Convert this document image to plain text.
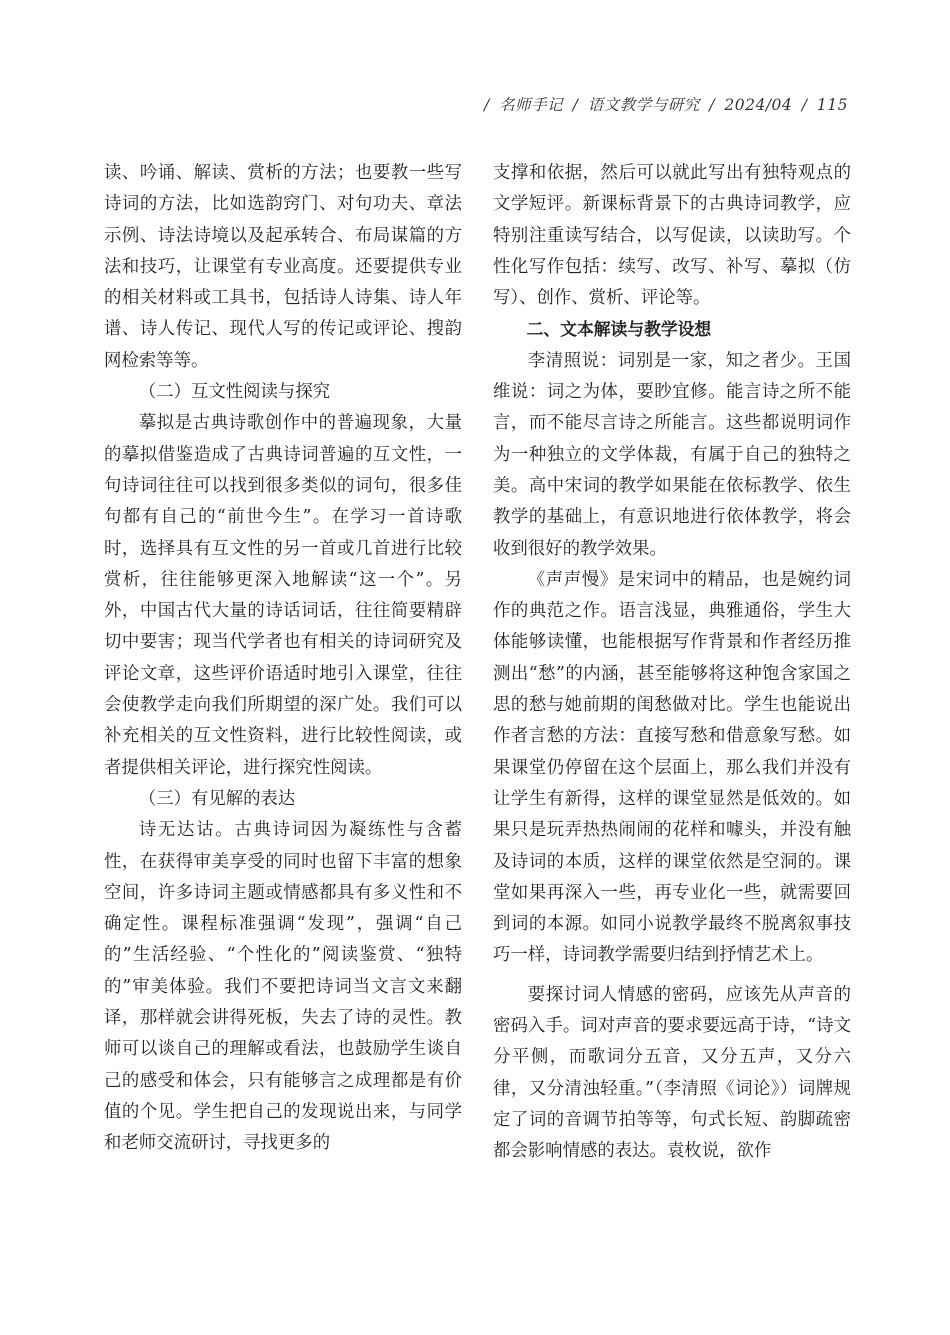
/ 名师手记 / 语文教学与研究 / 2024/04 / 115

读、吟诵、解读、赏析的方法；也要教一些写诗词的方法，比如选韵窍门、对句功夫、章法示例、诗法诗境以及起承转合、布局谋篇的方法和技巧，让课堂有专业高度。还要提供专业的相关材料或工具书，包括诗人诗集、诗人年谱、诗人传记、现代人写的传记或评论、搜韵网检索等等。

（二）互文性阅读与探究

摹拟是古典诗歌创作中的普遍现象，大量的摹拟借鉴造成了古典诗词普遍的互文性，一句诗词往往可以找到很多类似的词句，很多佳句都有自己的“前世今生”。在学习一首诗歌时，选择具有互文性的另一首或几首进行比较赏析，往往能够更深入地解读“这一个”。另外，中国古代大量的诗话词话，往往简要精辟切中要害；现当代学者也有相关的诗词研究及评论文章，这些评价语适时地引入课堂，往往会使教学走向我们所期望的深广处。我们可以补充相关的互文性资料，进行比较性阅读，或者提供相关评论，进行探究性阅读。

（三）有见解的表达

诗无达诂。古典诗词因为凝练性与含蓄性，在获得审美享受的同时也留下丰富的想象空间，许多诗词主题或情感都具有多义性和不确定性。课程标准强调“发现”，强调“自己的”生活经验、“个性化的”阅读鉴赏、“独特的”审美体验。我们不要把诗词当文言文来翻译，那样就会讲得死板，失去了诗的灵性。教师可以谈自己的理解或看法，也鼓励学生谈自己的感受和体会，只有能够言之成理都是有价值的个见。学生把自己的发现说出来，与同学和老师交流研讨，寻找更多的

支撑和依据，然后可以就此写出有独特观点的文学短评。新课标背景下的古典诗词教学，应特别注重读写结合，以写促读，以读助写。个性化写作包括：续写、改写、补写、摹拟（仿写）、创作、赏析、评论等。

二、文本解读与教学设想

李清照说：词别是一家，知之者少。王国维说：词之为体，要眇宜修。能言诗之所不能言，而不能尽言诗之所能言。这些都说明词作为一种独立的文学体裁，有属于自己的独特之美。高中宋词的教学如果能在依标教学、依生教学的基础上，有意识地进行依体教学，将会收到很好的教学效果。

《声声慢》是宋词中的精品，也是婉约词作的典范之作。语言浅显，典雅通俗，学生大体能够读懂，也能根据写作背景和作者经历推测出“愁”的内涵，甚至能够将这种饱含家国之思的愁与她前期的闺愁做对比。学生也能说出作者言愁的方法：直接写愁和借意象写愁。如果课堂仍停留在这个层面上，那么我们并没有让学生有新得，这样的课堂显然是低效的。如果只是玩弄热热闹闹的花样和噱头，并没有触及诗词的本质，这样的课堂依然是空洞的。课堂如果再深入一些，再专业化一些，就需要回到词的本源。如同小说教学最终不脱离叙事技巧一样，诗词教学需要归结到抒情艺术上。

要探讨词人情感的密码，应该先从声音的密码入手。词对声音的要求要远高于诗，“诗文分平侧，而歌词分五音，又分五声，又分六律，又分清浊轻重。”（李清照《词论》）词牌规定了词的音调节拍等等，句式长短、韵脚疏密都会影响情感的表达。袁枚说，欲作
